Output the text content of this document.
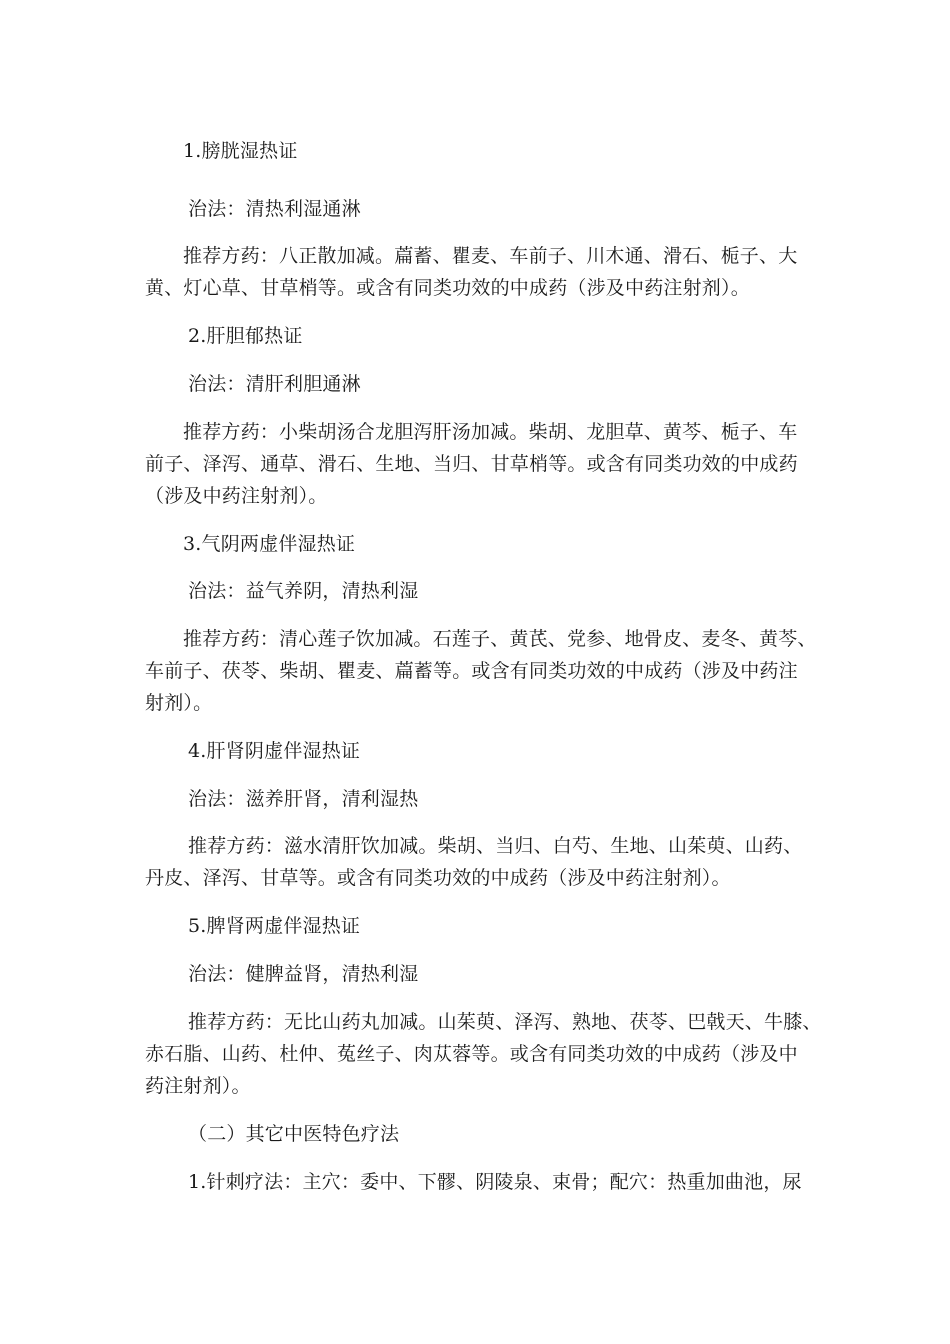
1.膀胱湿热证
治法：清热利湿通淋
推荐方药：八正散加减。萹蓄、瞿麦、车前子、川木通、滑石、栀子、大
黄、灯心草、甘草梢等。或含有同类功效的中成药（涉及中药注射剂）。
2.肝胆郁热证
治法：清肝利胆通淋
推荐方药：小柴胡汤合龙胆泻肝汤加减。柴胡、龙胆草、黄芩、栀子、车
前子、泽泻、通草、滑石、生地、当归、甘草梢等。或含有同类功效的中成药
（涉及中药注射剂）。
3.气阴两虚伴湿热证
治法：益气养阴，清热利湿
推荐方药：清心莲子饮加减。石莲子、黄芪、党参、地骨皮、麦冬、黄芩、
车前子、茯苓、柴胡、瞿麦、萹蓄等。或含有同类功效的中成药（涉及中药注
射剂）。
4.肝肾阴虚伴湿热证
治法：滋养肝肾，清利湿热
推荐方药：滋水清肝饮加减。柴胡、当归、白芍、生地、山茱萸、山药、
丹皮、泽泻、甘草等。或含有同类功效的中成药（涉及中药注射剂）。
5.脾肾两虚伴湿热证
治法：健脾益肾，清热利湿
推荐方药：无比山药丸加减。山茱萸、泽泻、熟地、茯苓、巴戟天、牛膝、
赤石脂、山药、杜仲、菟丝子、肉苁蓉等。或含有同类功效的中成药（涉及中
药注射剂）。
（二）其它中医特色疗法
1.针刺疗法：主穴：委中、下髎、阴陵泉、束骨；配穴：热重加曲池，尿
